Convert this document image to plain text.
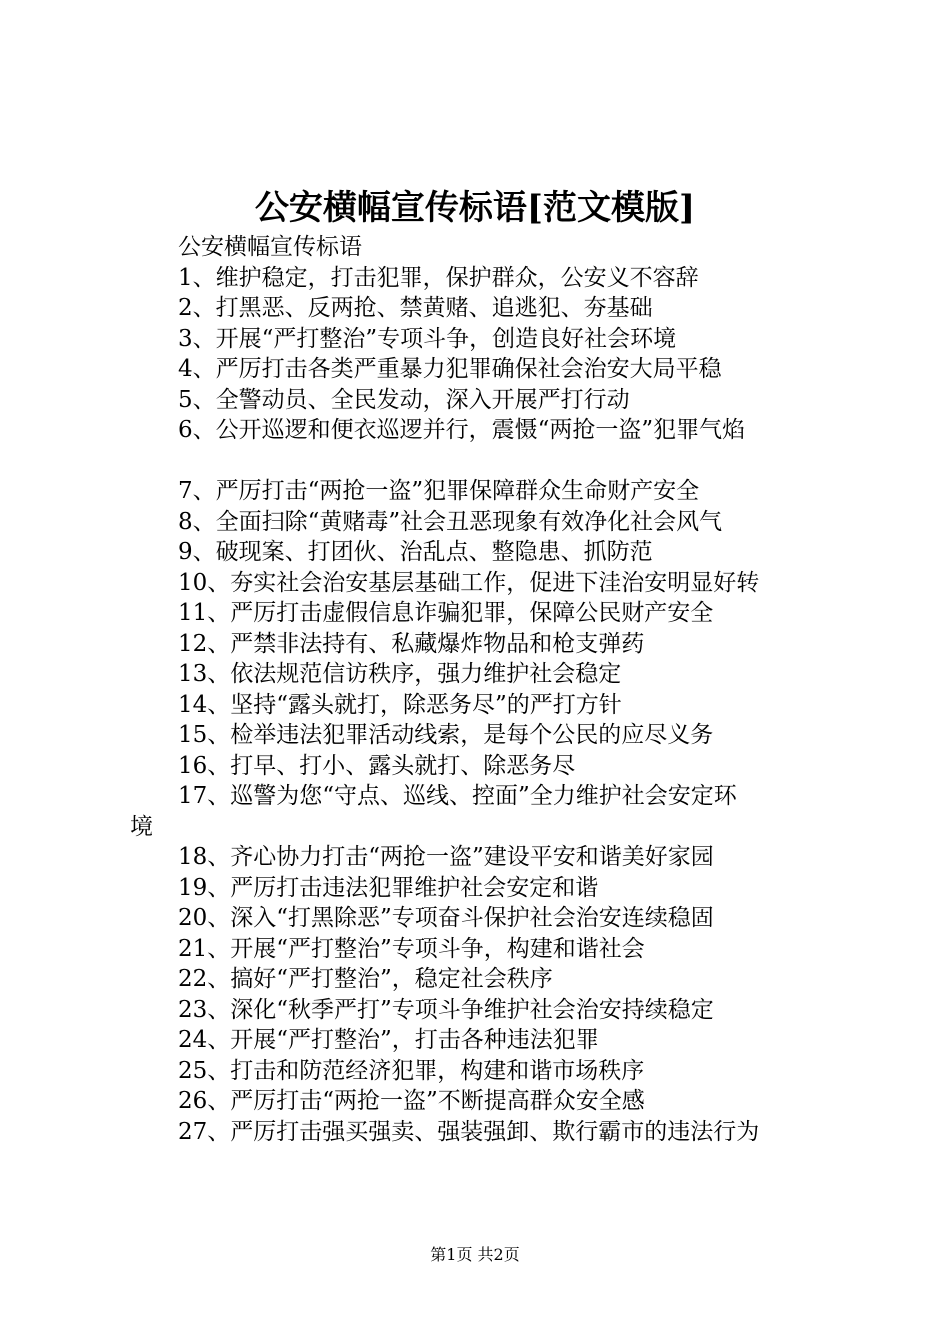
公安横幅宣传标语[范文模版]
公安横幅宣传标语
1、维护稳定，打击犯罪，保护群众，公安义不容辞
2、打黑恶、反两抢、禁黄赌、追逃犯、夯基础
3、开展“严打整治”专项斗争，创造良好社会环境
4、严厉打击各类严重暴力犯罪确保社会治安大局平稳
5、全警动员、全民发动，深入开展严打行动
6、公开巡逻和便衣巡逻并行，震慑“两抢一盗”犯罪气焰
7、严厉打击“两抢一盗”犯罪保障群众生命财产安全
8、全面扫除“黄赌毒”社会丑恶现象有效净化社会风气
9、破现案、打团伙、治乱点、整隐患、抓防范
10、夯实社会治安基层基础工作，促进下洼治安明显好转
11、严厉打击虚假信息诈骗犯罪，保障公民财产安全
12、严禁非法持有、私藏爆炸物品和枪支弹药
13、依法规范信访秩序，强力维护社会稳定
14、坚持“露头就打，除恶务尽”的严打方针
15、检举违法犯罪活动线索，是每个公民的应尽义务
16、打早、打小、露头就打、除恶务尽
17、巡警为您“守点、巡线、控面”全力维护社会安定环
境
18、齐心协力打击“两抢一盗”建设平安和谐美好家园
19、严厉打击违法犯罪维护社会安定和谐
20、深入“打黑除恶”专项奋斗保护社会治安连续稳固
21、开展“严打整治”专项斗争，构建和谐社会
22、搞好“严打整治”，稳定社会秩序
23、深化“秋季严打”专项斗争维护社会治安持续稳定
24、开展“严打整治”，打击各种违法犯罪
25、打击和防范经济犯罪，构建和谐市场秩序
26、严厉打击“两抢一盗”不断提高群众安全感
27、严厉打击强买强卖、强装强卸、欺行霸市的违法行为
第1页 共2页
